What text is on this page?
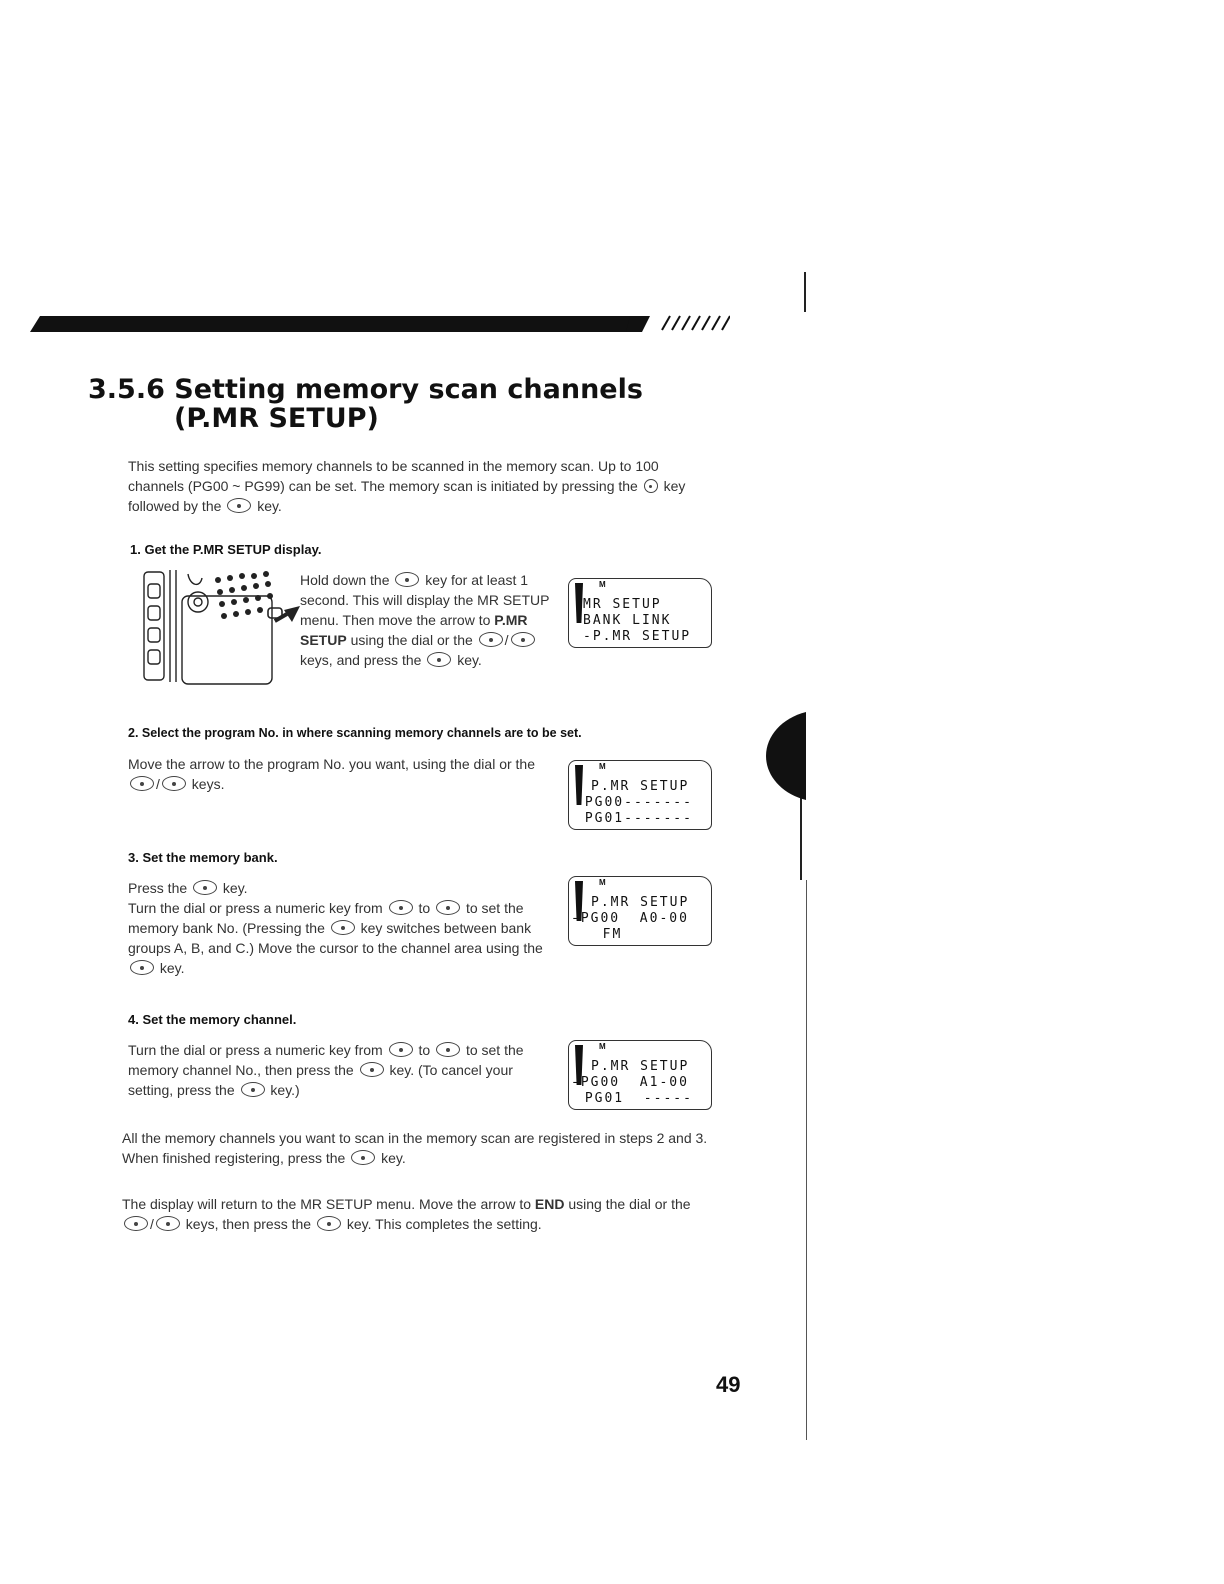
3.5.6 Setting memory scan channels
(P.MR SETUP)

This setting specifies memory channels to be scanned in the memory scan. Up to 100 channels (PG00 ~ PG99) can be set. The memory scan is initiated by pressing the key followed by the	key.

1. Get the P.MR SETUP display.

Hold down the	key for at least 1 second. This will display the MR SETUP menu. Then move the arrow to P.MR SETUP using the dial or the / keys, and press the	key.

M
MR SETUP
BANK LINK
-P.MR SETUP

2. Select the program No. in where scanning memory channels are to be set.

Move the arrow to the program No. you want, using the dial or the / keys.

M
P.MR SETUP
-PG00-------
PG01-------

3. Set the memory bank.

Press the	key.
Turn the dial or press a numeric key from	to	to set the memory bank No. (Pressing the	key switches between bank groups A, B, and C.) Move the cursor to the channel area using the  key.

M
P.MR SETUP
-PG00  A0-00
FM

4. Set the memory channel.

Turn the dial or press a numeric key from	to	to set the memory channel No., then press the	key. (To cancel your setting, press the	key.)

M
P.MR SETUP
-PG00  A1-00
PG01  -----

All the memory channels you want to scan in the memory scan are registered in steps 2 and 3. When finished registering, press the	key.

The display will return to the MR SETUP menu. Move the arrow to END using the dial or the / keys, then press the	key. This completes the setting.

49
